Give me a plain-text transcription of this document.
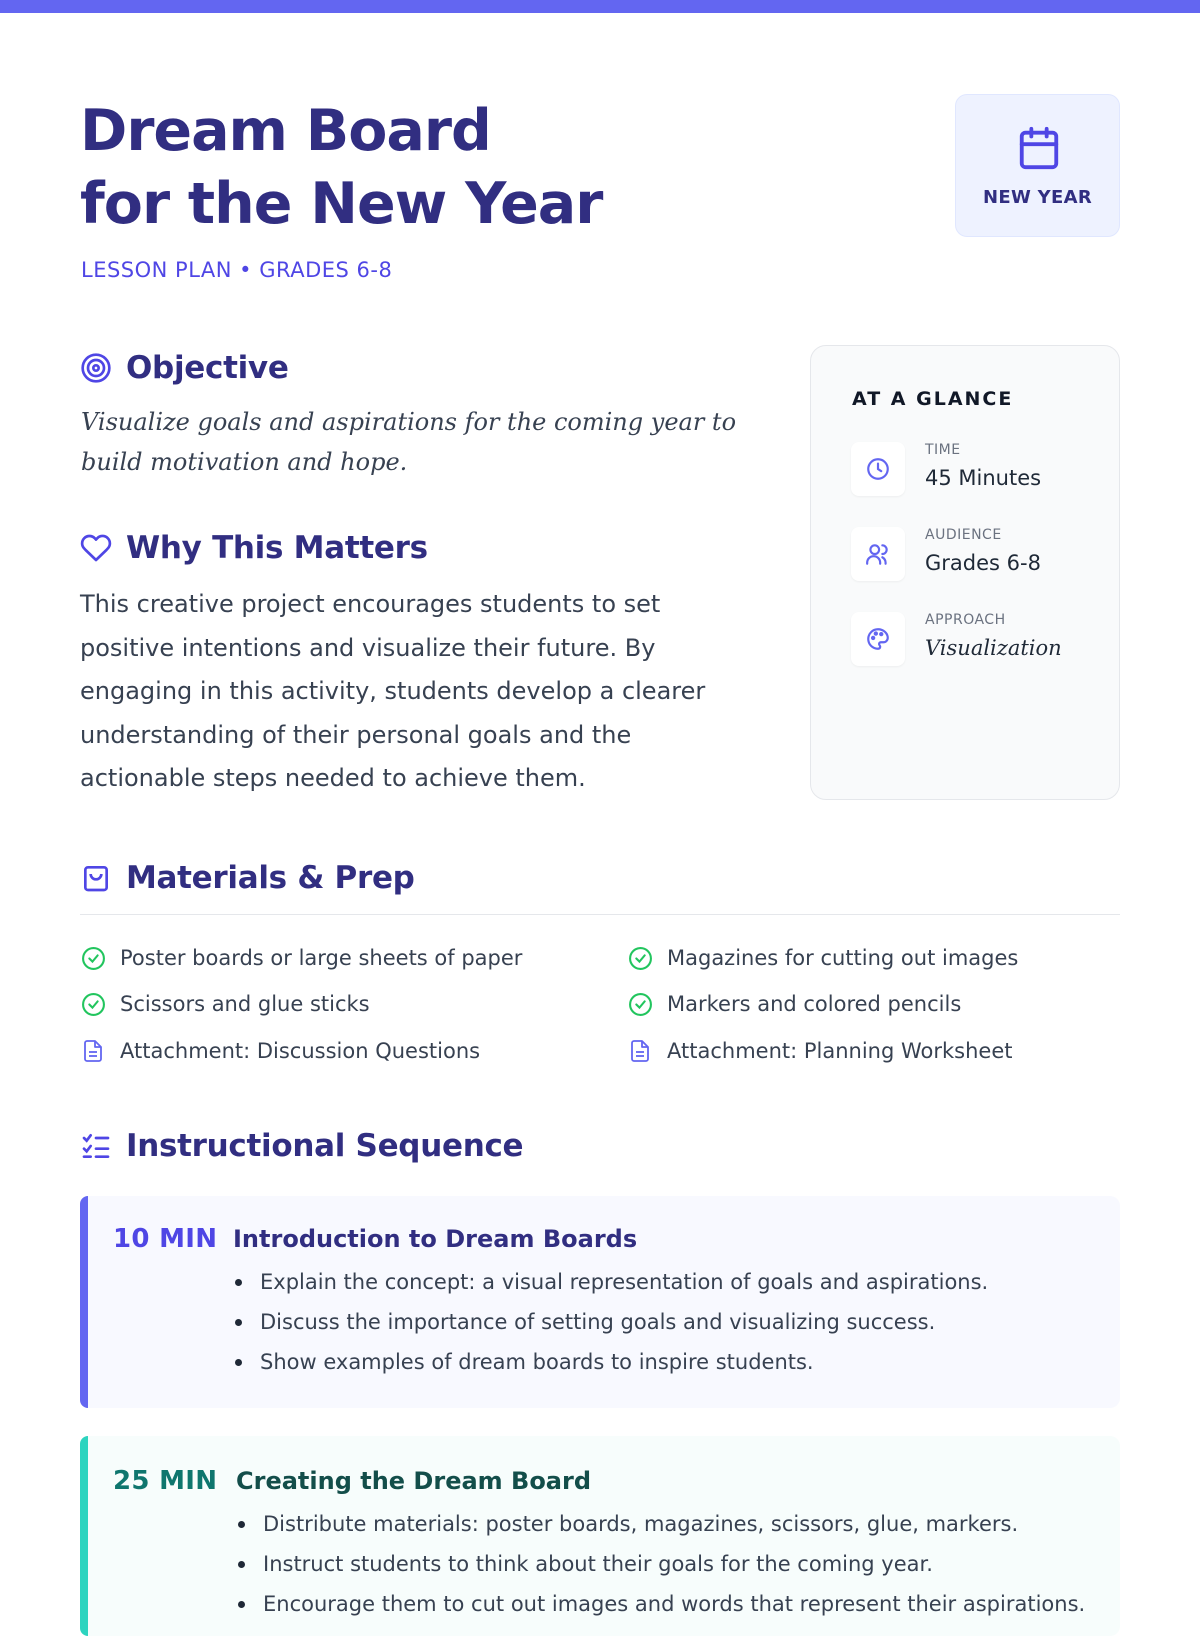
Dream Board
for the New Year
LESSON PLAN • GRADES 6-8
NEW YEAR
Objective

Visualize goals and aspirations for the coming year to build motivation and hope.

Why This Matters

This creative project encourages students to set positive intentions and visualize their future. By engaging in this activity, students develop a clearer understanding of their personal goals and the actionable steps needed to achieve them.

AT A GLANCE
TIME
45 Minutes
AUDIENCE
Grades 6-8
APPROACH
Visualization
Materials & Prep
Poster boards or large sheets of paper	Magazines for cutting out images
Scissors and glue sticks	Markers and colored pencils
Attachment: Discussion Questions	Attachment: Planning Worksheet
Instructional Sequence
10 MIN Introduction to Dream Boards
Explain the concept: a visual representation of goals and aspirations.
Discuss the importance of setting goals and visualizing success.
Show examples of dream boards to inspire students.
25 MIN Creating the Dream Board
Distribute materials: poster boards, magazines, scissors, glue, markers.
Instruct students to think about their goals for the coming year.
Encourage them to cut out images and words that represent their aspirations.
